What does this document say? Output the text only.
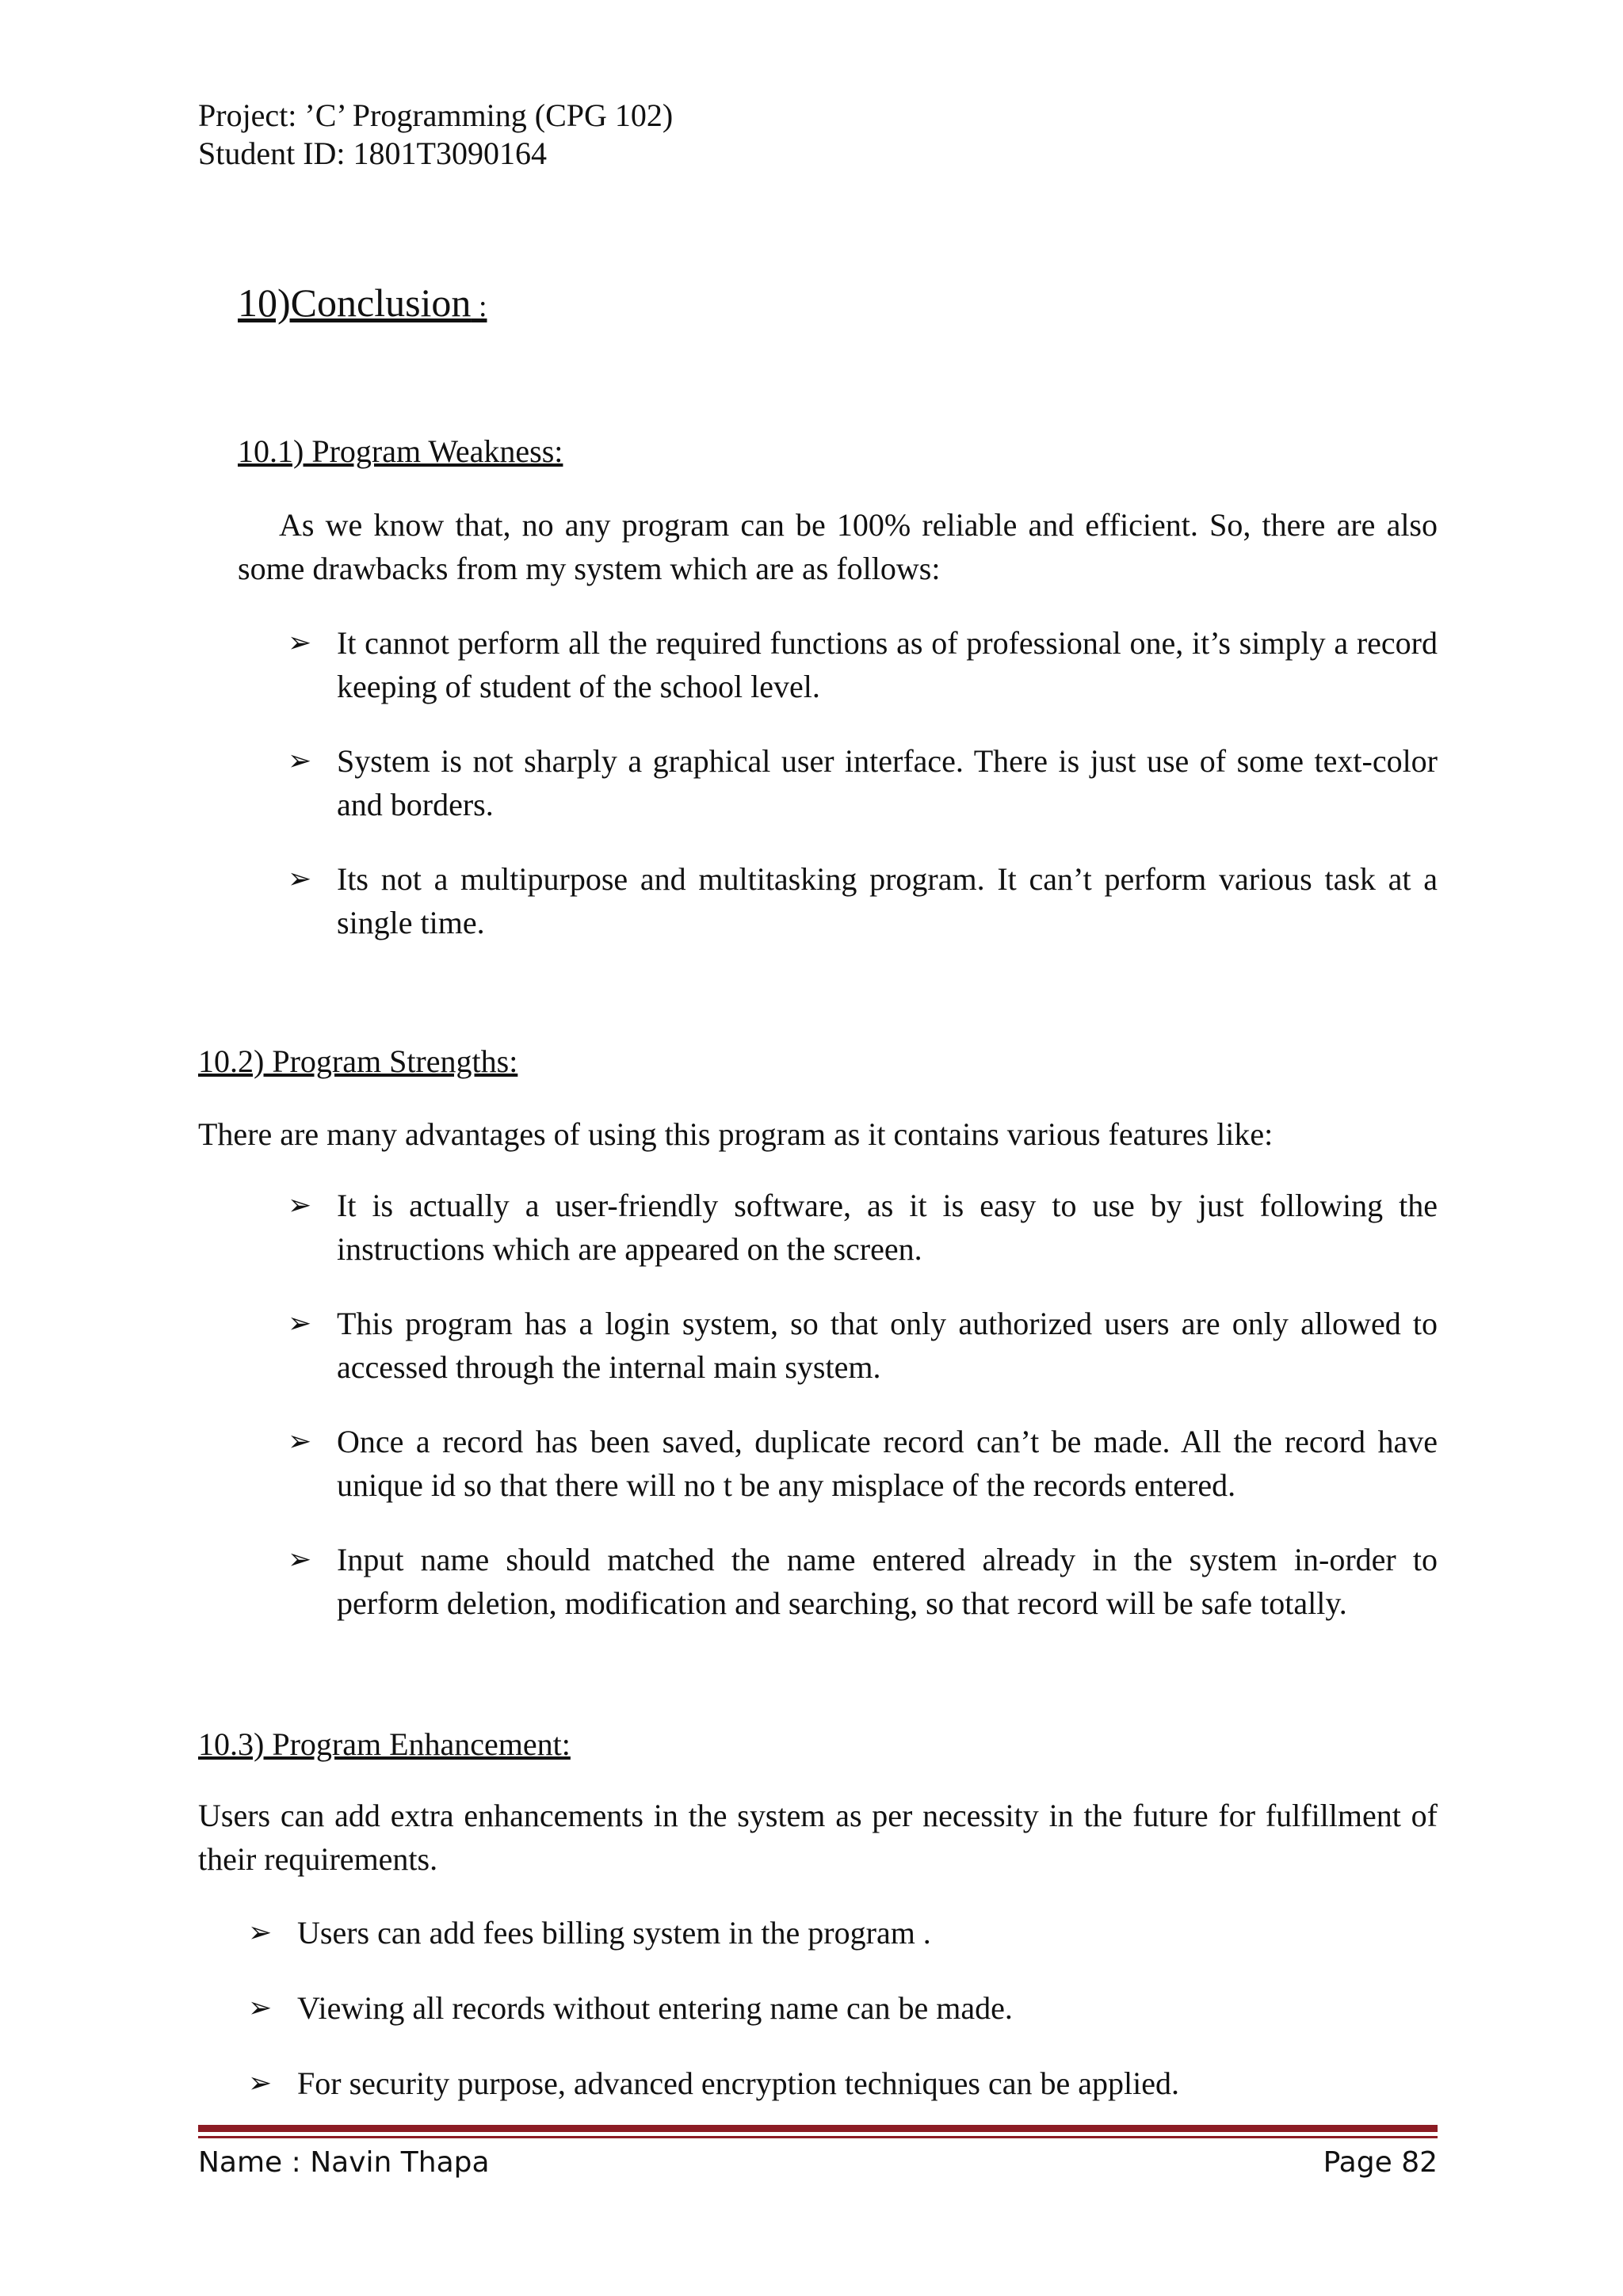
Project: ’C’ Programming (CPG 102)
Student ID: 1801T3090164
10)Conclusion :
10.1) Program Weakness:
As we know that, no any program can be 100% reliable and efficient. So, there are also some drawbacks from my system which are as follows:
➢ It cannot perform all the required functions as of professional one, it’s simply a record keeping of student of the school level.
➢ System is not sharply a graphical user interface. There is just use of some text-color and borders.
➢ Its not a multipurpose and multitasking program. It can’t perform various task at a single time.
10.2) Program Strengths:
There are many advantages of using this program as it contains various features like:
➢ It is actually a user-friendly software, as it is easy to use by just following the instructions which are appeared on the screen.
➢ This program has a login system, so that only authorized users are only allowed to accessed through the internal main system.
➢ Once a record has been saved, duplicate record can’t be made. All the record have unique id so that there will no t be any misplace of the records entered.
➢ Input name should matched the name entered already in the system in-order to perform deletion, modification and searching, so that record will be safe totally.
10.3) Program Enhancement:
Users can add extra enhancements in the system as per necessity in the future for fulfillment of their requirements.
➢ Users can add fees billing system in the program .
➢ Viewing all records without entering name can be made.
➢ For security purpose, advanced encryption techniques can be applied.
Name : Navin Thapa	Page 82
